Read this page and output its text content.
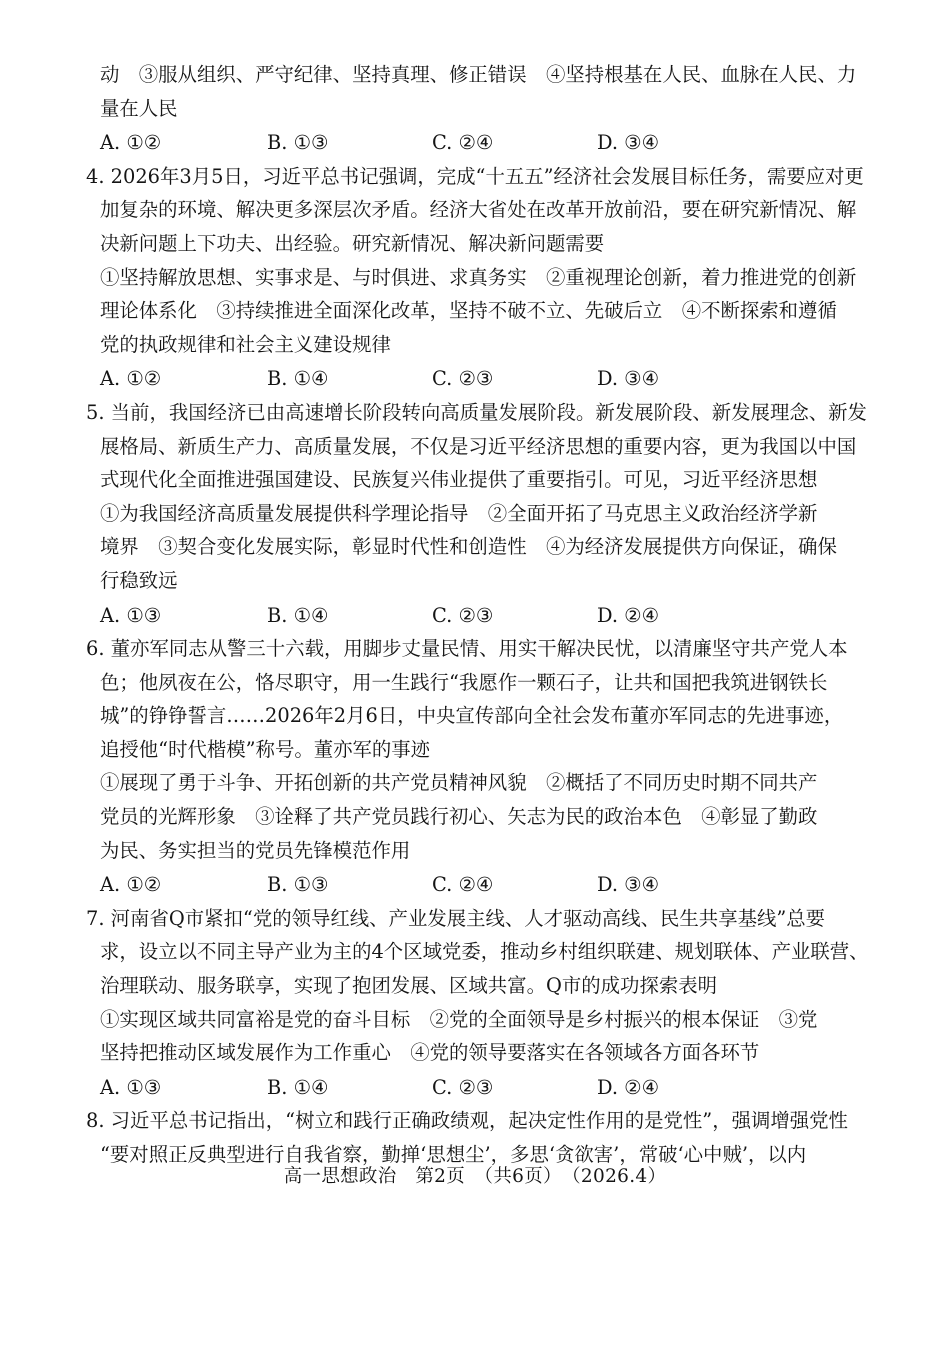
动　③服从组织、严守纪律、坚持真理、修正错误　④坚持根基在人民、血脉在人民、力
量在人民
A. ①②	B. ①③	C. ②④	D. ③④
4. 2026年3月5日，习近平总书记强调，完成“十五五”经济社会发展目标任务，需要应对更
加复杂的环境、解决更多深层次矛盾。经济大省处在改革开放前沿，要在研究新情况、解
决新问题上下功夫、出经验。研究新情况、解决新问题需要
①坚持解放思想、实事求是、与时俱进、求真务实　②重视理论创新，着力推进党的创新
理论体系化　③持续推进全面深化改革，坚持不破不立、先破后立　④不断探索和遵循
党的执政规律和社会主义建设规律
A. ①②	B. ①④	C. ②③	D. ③④
5. 当前，我国经济已由高速增长阶段转向高质量发展阶段。新发展阶段、新发展理念、新发
展格局、新质生产力、高质量发展，不仅是习近平经济思想的重要内容，更为我国以中国
式现代化全面推进强国建设、民族复兴伟业提供了重要指引。可见，习近平经济思想
①为我国经济高质量发展提供科学理论指导　②全面开拓了马克思主义政治经济学新
境界　③契合变化发展实际，彰显时代性和创造性　④为经济发展提供方向保证，确保
行稳致远
A. ①③	B. ①④	C. ②③	D. ②④
6. 董亦军同志从警三十六载，用脚步丈量民情、用实干解决民忧，以清廉坚守共产党人本
色；他夙夜在公，恪尽职守，用一生践行“我愿作一颗石子，让共和国把我筑进钢铁长
城”的铮铮誓言……2026年2月6日，中央宣传部向全社会发布董亦军同志的先进事迹，
追授他“时代楷模”称号。董亦军的事迹
①展现了勇于斗争、开拓创新的共产党员精神风貌　②概括了不同历史时期不同共产
党员的光辉形象　③诠释了共产党员践行初心、矢志为民的政治本色　④彰显了勤政
为民、务实担当的党员先锋模范作用
A. ①②	B. ①③	C. ②④	D. ③④
7. 河南省Q市紧扣“党的领导红线、产业发展主线、人才驱动高线、民生共享基线”总要
求，设立以不同主导产业为主的4个区域党委，推动乡村组织联建、规划联体、产业联营、
治理联动、服务联享，实现了抱团发展、区域共富。Q市的成功探索表明
①实现区域共同富裕是党的奋斗目标　②党的全面领导是乡村振兴的根本保证　③党
坚持把推动区域发展作为工作重心　④党的领导要落实在各领域各方面各环节
A. ①③	B. ①④	C. ②③	D. ②④
8. 习近平总书记指出，“树立和践行正确政绩观，起决定性作用的是党性”，强调增强党性
“要对照正反典型进行自我省察，勤掸‘思想尘’，多思‘贪欲害’，常破‘心中贼’，以内
高一思想政治　第2页　（共6页）　（2026.4）
